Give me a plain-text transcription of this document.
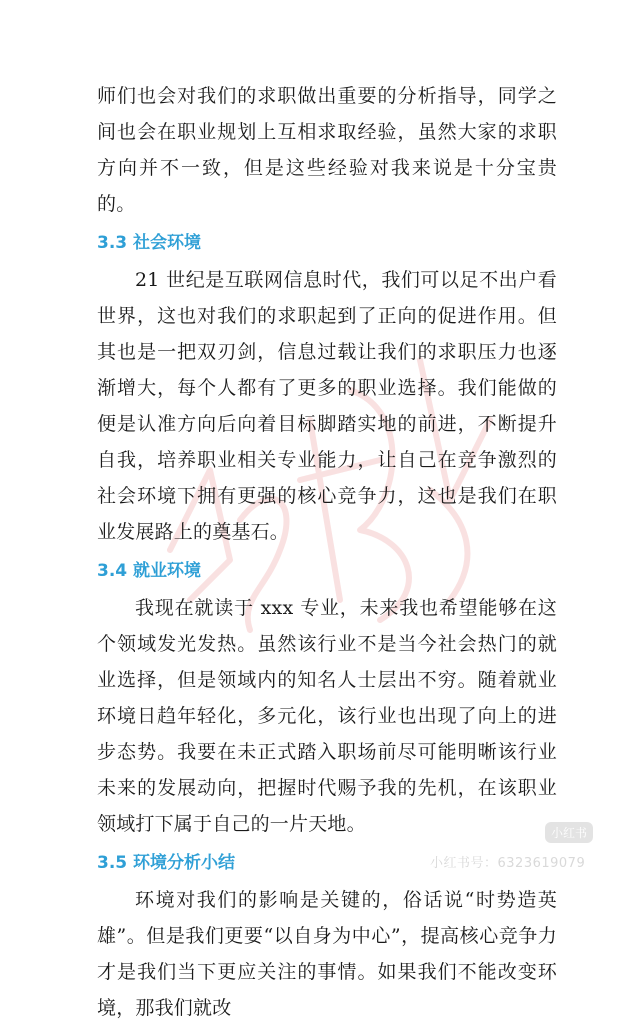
师们也会对我们的求职做出重要的分析指导，同学之间也会在职业规划上互相求取经验，虽然大家的求职方向并不一致，但是这些经验对我来说是十分宝贵的。

3.3 社会环境

21 世纪是互联网信息时代，我们可以足不出户看世界，这也对我们的求职起到了正向的促进作用。但其也是一把双刃剑，信息过载让我们的求职压力也逐渐增大，每个人都有了更多的职业选择。我们能做的便是认准方向后向着目标脚踏实地的前进，不断提升自我，培养职业相关专业能力，让自己在竞争激烈的社会环境下拥有更强的核心竞争力，这也是我们在职业发展路上的奠基石。

3.4 就业环境

我现在就读于 xxx 专业，未来我也希望能够在这个领域发光发热。虽然该行业不是当今社会热门的就业选择，但是领域内的知名人士层出不穷。随着就业环境日趋年轻化，多元化，该行业也出现了向上的进步态势。我要在未正式踏入职场前尽可能明晰该行业未来的发展动向，把握时代赐予我的先机，在该职业领域打下属于自己的一片天地。

3.5 环境分析小结

环境对我们的影响是关键的，俗话说“时势造英雄”。但是我们更要“以自身为中心”，提高核心竞争力才是我们当下更应关注的事情。如果我们不能改变环境，那我们就改

小红书
小红书号：6323619079
